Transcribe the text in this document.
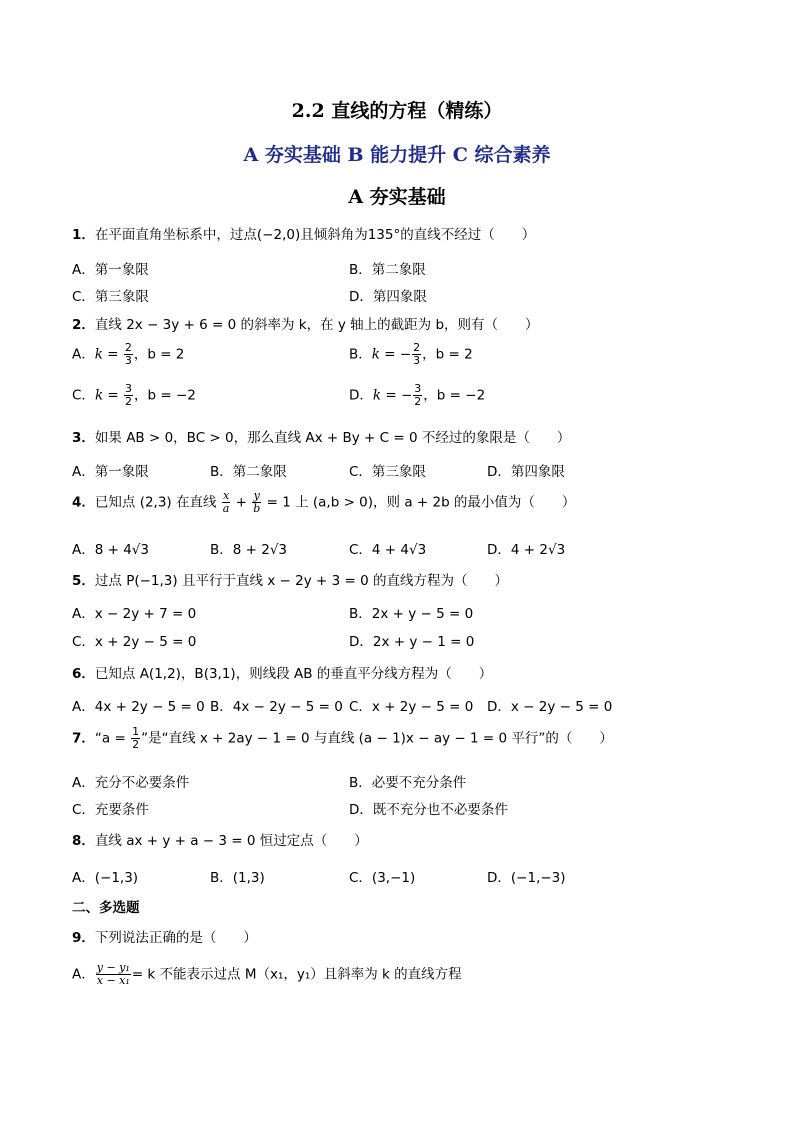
2.2 直线的方程（精练）
A 夯实基础 B 能力提升 C 综合素养
A 夯实基础
1．在平面直角坐标系中，过点(−2,0)且倾斜角为135°的直线不经过（　　）
A．第一象限	B．第二象限
C．第三象限	D．第四象限
2．直线 2x − 3y + 6 = 0 的斜率为 k，在 y 轴上的截距为 b，则有（　　）
A．$k = \frac{2}{3}$ ，b = 2	B．k = − $\frac{2}{3}$ ，b = 2
C．$k = \frac{3}{2}$ ，b = −2	D．k = − $\frac{3}{2}$ ，b = −2
3．如果 AB > 0，BC > 0，那么直线 Ax + By + C = 0 不经过的象限是（　　）
A．第一象限	B．第二象限	C．第三象限	D．第四象限
4．已知点 (2,3) 在直线 $\frac{x}{a} + \frac{y}{b} = 1$ 上 (a,b > 0)，则 a + 2b 的最小值为（　　）
A．8 + 4√3	B．8 + 2√3	C．4 + 4√3	D．4 + 2√3
5．过点 P(−1,3) 且平行于直线 x − 2y + 3 = 0 的直线方程为（　　）
A．x − 2y + 7 = 0	B．2x + y − 5 = 0
C．x + 2y − 5 = 0	D．2x + y − 1 = 0
6．已知点 A(1,2)，B(3,1)，则线段 AB 的垂直平分线方程为（　　）
A．4x + 2y − 5 = 0 B．4x − 2y − 5 = 0 C．x + 2y − 5 = 0 D．x − 2y − 5 = 0
7．“$a = \frac{1}{2}$ ”是“直线 x + 2ay − 1 = 0 与直线 (a − 1)x − ay − 1 = 0 平行”的（　　）
A．充分不必要条件	B．必要不充分条件
C．充要条件	D．既不充分也不必要条件
8．直线 ax + y + a − 3 = 0 恒过定点（　　）
A．(−1,3)	B．(1,3)	C．(3,−1)	D．(−1,−3)
二、多选题
9．下列说法正确的是（　　）
A． $\frac{\text{y − y₁}}{\text{x − x₁}} = k$ 不能表示过点 M（x₁，y₁）且斜率为 k 的直线方程
